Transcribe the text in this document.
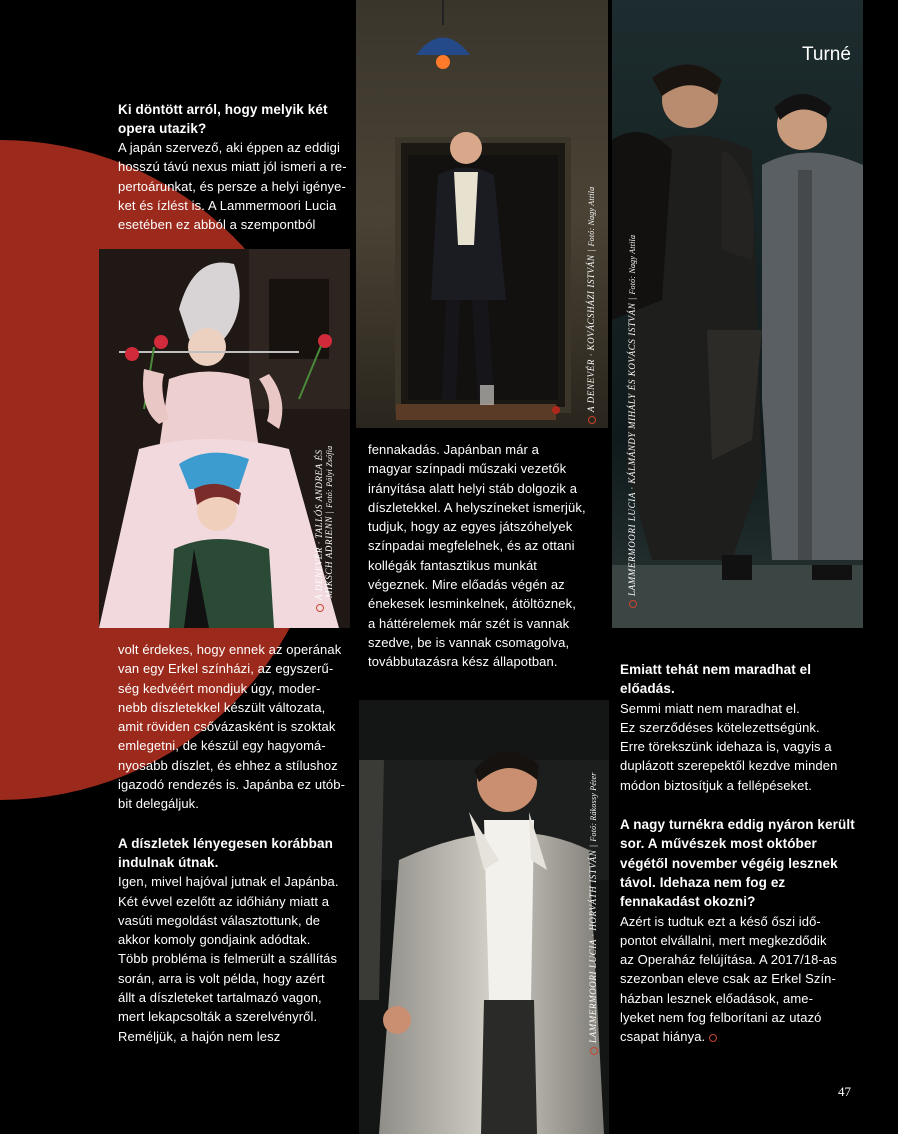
A DENEVÉR · KOVÁCSHÁZI ISTVÁN | Fotó: Nagy Attila
Turné
LAMMERMOORI LUCIA · KÁLMÁNDY MIHÁLY ÉS KOVÁCS ISTVÁN | Fotó: Nagy Attila
A DENEVÉR · TALLÓS ANDREA ÉS MIKSCH ADRIENN | Fotó: Pályi Zsófia
LAMMERMOORI LUCIA · HORVÁTH ISTVÁN | Fotó: Rákossy Péter

Ki döntött arról, hogy melyik két opera utazik?

A japán szervező, aki éppen az eddigi

hosszú távú nexus miatt jól ismeri a re-

pertoárunkat, és persze a helyi igénye-

ket és ízlést is. A Lammermoori Lucia

esetében ez abból a szempontból

volt érdekes, hogy ennek az operának

van egy Erkel színházi, az egyszerű-

ség kedvéért mondjuk úgy, moder-

nebb díszletekkel készült változata,

amit röviden csővázasként is szoktak

emlegetni, de készül egy hagyomá-

nyosabb díszlet, és ehhez a stílushoz

igazodó rendezés is. Japánba ez utób-

bit delegáljuk.

A díszletek lényegesen korábban indulnak útnak.

Igen, mivel hajóval jutnak el Japánba.

Két évvel ezelőtt az időhiány miatt a

vasúti megoldást választottunk, de

akkor komoly gondjaink adódtak.

Több probléma is felmerült a szállítás

során, arra is volt példa, hogy azért

állt a díszleteket tartalmazó vagon,

mert lekapcsolták a szerelvényről.

Reméljük, a hajón nem lesz

fennakadás. Japánban már a

magyar színpadi műszaki vezetők

irányítása alatt helyi stáb dolgozik a

díszletekkel. A helyszíneket ismerjük,

tudjuk, hogy az egyes játszóhelyek

színpadai megfelelnek, és az ottani

kollégák fantasztikus munkát

végeznek. Mire előadás végén az

énekesek lesminkelnek, átöltöznek,

a háttérelemek már szét is vannak

szedve, be is vannak csomagolva,

továbbutazásra kész állapotban.

Emiatt tehát nem maradhat el előadás.

Semmi miatt nem maradhat el.

Ez szerződéses kötelezettségünk.

Erre törekszünk idehaza is, vagyis a

duplázott szerepektől kezdve minden

módon biztosítjuk a fellépéseket.

A nagy turnékra eddig nyáron került sor. A művészek most október végétől november végéig lesznek távol. Idehaza nem fog ez fennakadást okozni?

Azért is tudtuk ezt a késő őszi idő-

pontot elvállalni, mert megkezdődik

az Operaház felújítása. A 2017/18-as

szezonban eleve csak az Erkel Szín-

házban lesznek előadások, ame-

lyeket nem fog felborítani az utazó

csapat hiánya.

47
